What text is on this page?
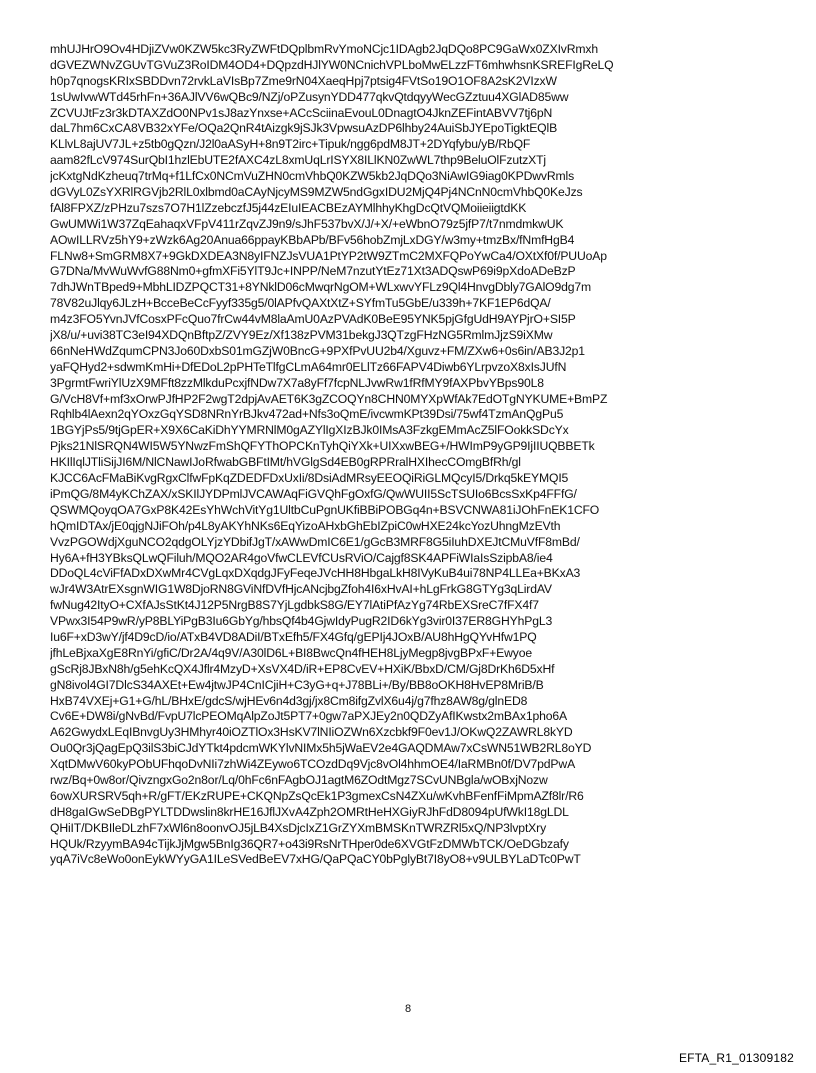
mhUJHrO9Ov4HDjiZVw0KZW5kc3RyZWFtDQplbmRvYmoNCjc1IDAgb2JqDQo8PC9GaWx0ZXIvRmxh
dGVEZWNvZGUvTGVuZ3RoIDM4OD4+DQpzdHJlYW0NCnichVPLboMwELzzFT6mhwhsnKSREFIgReLQ
h0p7qnogsKRIxSBDDvn72rvkLaVIsBp7Zme9rN04XaeqHpj7ptsig4FVtSo19O1OF8A2sK2VIzxW
1sUwIvwWTd45rhFn+36AJlVV6wQBc9/NZj/oPZusynYDD477qkvQtdqyyWecGZztuu4XGlAD85ww
ZCVUJtFz3r3kDTAXZdO0NPv1sJ8azYnxse+ACcSciinaEvouL0DnagtO4JknZEFintABVV7tj6pN
daL7hm6CxCA8VB32xYFe/OQa2QnR4tAizgk9jSJk3VpwsuAzDP6lhby24AuiSbJYEpoTigktEQlB
KLlvL8ajUV7JL+z5tb0gQzn/J2l0aASyH+8n9T2irc+Tipuk/ngg6pdM8JT+2DYqfybu/yB/RbQF
aam82fLcV974SurQbI1hzlEbUTE2fAXC4zL8xmUqLrISYX8ILlKN0ZwWL7thp9BeluOlFzutzXTj
jcKxtgNdKzheuq7trMq+f1LfCx0NCmVuZHN0cmVhbQ0KZW5kb2JqDQo3NiAwIG9iag0KPDwvRmls
dGVyL0ZsYXRlRGVjb2RlL0xlbmd0aCAyNjcyMS9MZW5ndGgxIDU2MjQ4Pj4NCnN0cmVhbQ0KeJzs
fAl8FPXZ/zPHzu7szs7O7H1lZzebczfJ5j44zEIuIEACBEzAYMlhhyKhgDcQtVQMoiieiigtdKK
GwUMWi1W37ZqEahaqxVFpV411rZqvZJ9n9/sJhF537bvX/J/+X/+eWbnO79z5jfP7/t7nmdmkwUK
AOwILLRVz5hY9+zWzk6Ag20Anua66ppayKBbAPb/BFv56hobZmjLxDGY/w3my+tmzBx/fNmfHgB4
FLNw8+SmGRM8X7+9GkDXDEA3N8yIFNZJsVUA1PtYP2tW9ZTmC2MXFQPoYwCa4/OXtXf0f/PUUoAp
G7DNa/MvWuWvfG88Nm0+gfmXFi5YlT9Jc+INPP/NeM7nzutYtEz71Xt3ADQswP69i9pXdoADeBzP
7dhJWnTBped9+MbhLIDZPQCT31+8YNklD06cMwqrNgOM+WLxwvYFLz9Ql4HnvgDbly7GAlO9dg7m
78V82uJlqy6JLzH+BcceBeCcFyyf335g5/0lAPfvQAXtXtZ+SYfmTu5GbE/u339h+7KF1EP6dQA/
m4z3FO5YvnJVfCosxPFcQuo7frCw44vM8laAmU0AzPVAdK0BeE95YNK5pjGfgUdH9AYPjrO+SI5P
jX8/u/+uvi38TC3eI94XDQnBftpZ/ZVY9Ez/Xf138zPVM31bekgJ3QTzgFHzNG5RmlmJjzS9iXMw
66nNeHWdZqumCPN3Jo60DxbS01mGZjW0BncG+9PXfPvUU2b4/Xguvz+FM/ZXw6+0s6in/AB3J2p1
yaFQHyd2+sdwmKmHi+DfEDoL2pPHTeTlfgCLmA64mr0ELlTz66FAPV4Diwb6YLrpvzoX8xIsJUfN
3PgrmtFwriYlUzX9MFft8zzMlkduPcxjfNDw7X7a8yFf7fcpNLJvwRw1fRfMY9fAXPbvYBps90L8
G/VcH8Vf+mf3xOrwPJfHP2F2wgT2dpjAvAET6K3gZCOQYn8CHN0MYXpWfAk7EdOTgNYKUME+BmPZ
Rqhlb4lAexn2qYOxzGqYSD8NRnYrBJkv472ad+Nfs3oQmE/ivcwmKPt39Dsi/75wf4TzmAnQgPu5
1BGYjPs5/9tjGpER+X9X6CaKiDhYYMRNlM0gAZYlIgXIzBJk0IMsA3FzkgEMmAcZ5lFOokkSDcYx
Pjks21NlSRQN4WI5W5YNwzFmShQFYThOPCKnTyhQiYXk+UIXxwBEG+/HWImP9yGP9IjIIUQBBETk
HKIlIqlJTliSijJI6M/NlCNawIJoRfwabGBFtIMt/hVGlgSd4EB0gRPRralHXIhecCOmgBfRh/gl
KJCC6AcFMaBiKvgRgxClfwFpKqZDEDFDxUxIi/8DsiAdMRsyEEOQiRiGLMQcyI5/Drkq5kEYMQI5
iPmQG/8M4yKChZAX/xSKIlJYDPmlJVCAWAqFiGVQhFgOxfG/QwWUII5ScTSUIo6BcsSxKp4FFfG/
QSWMQoyqOA7GxP8K42EsYhWchVitYg1UltbCuPgnUKfiBBiPOBGq4n+BSVCNWA81iJOhFnEK1CFO
hQmIDTAx/jE0qjgNJiFOh/p4L8yAKYhNKs6EqYizoAHxbGhEbIZpiC0wHXE24kcYozUhngMzEVth
VvzPGOWdjXguNCO2qdgOLYjzYDbifJgT/xAWwDmIC6E1/gGcB3MRF8G5iIuhDXEJtCMuVfF8mBd/
Hy6A+fH3YBksQLwQFiluh/MQO2AR4goVfwCLEVfCUsRViO/Cajgf8SK4APFiWIaIsSzipbA8/ie4
DDoQL4cViFfADxDXwMr4CVgLqxDXqdgJFyFeqeJVcHH8HbgaLkH8IVyKuB4ui78NP4LLEa+BKxA3
wJr4W3AtrEXsgnWIG1W8DjoRN8GViNfDVfHjcANcjbgZfoh4I6xHvAI+hLgFrkG8GTYg3qLirdAV
fwNug42ItyO+CXfAJsStKt4J12P5NrgB8S7YjLgdbkS8G/EY7lAtiPfAzYg74RbEXSreC7fFX4f7
VPwx3I54P9wR/yP8BLYiPgB3Iu6GbYg/hbsQf4b4GjwIdyPugR2ID6kYg3vir0I37ER8GHYhPgL3
Iu6F+xD3wY/jf4D9cD/io/ATxB4VD8ADiI/BTxEfh5/FX4Gfq/gEPIj4JOxB/AU8hHgQYvHfw1PQ
jfhLeBjxaXgE8RnYi/gfiC/Dr2A/4q9V/A30lD6L+BI8BwcQn4fHEH8LjyMegp8jvgBPxF+Ewyoe
gScRj8JBxN8h/g5ehKcQX4Jflr4MzyD+XsVX4D/iR+EP8CvEV+HXiK/BbxD/CM/Gj8DrKh6D5xHf
gN8ivol4GI7DlcS34AXEt+Ew4jtwJP4CnICjiH+C3yG+q+J78BLi+/By/BB8oOKH8HvEP8MriB/B
HxB74VXEj+G1+G/hL/BHxE/gdcS/wjHEv6n4d3gj/jx8Cm8ifgZvlX6u4j/g7fhz8AW8g/glnED8
Cv6E+DW8i/gNvBd/FvpU7lcPEOMqAlpZoJt5PT7+0gw7aPXJEy2n0QDZyAfIKwstx2mBAx1pho6A
A62GwydxLEqIBnvgUy3HMhyr40iOZTlOx3HsKV7lNIiOZWn6Xzcbkf9F0ev1J/OKwQ2ZAWRL8kYD
Ou0Qr3jQagEpQ3ilS3biCJdYTkt4pdcmWKYlvNIMx5h5jWaEV2e4GAQDMAw7xCsWN51WB2RL8oYD
XqtDMwV60kyPObUFhqoDvNIi7zhWi4ZEywo6TCOzdDq9Vjc8vOl4hhmOE4/IaRMBn0f/DV7pdPwA
rwz/Bq+0w8or/QivzngxGo2n8or/Lq/0hFc6nFAgbOJ1agtM6ZOdtMgz7SCvUNBgla/wOBxjNozw
6owXURSRV5qh+R/gFT/EKzRUPE+CKQNpZsQcEk1P3gmexCsN4ZXu/wKvhBFenfFiMpmAZf8lr/R6
dH8gaIGwSeDBgPYLTDDwslin8krHE16JflJXvA4Zph2OMRtHeHXGiyRJhFdD8094pUfWkI18gLDL
QHiIT/DKBIleDLzhF7xWl6n8oonvOJ5jLB4XsDjcIxZ1GrZYXmBMSKnTWRZRl5xQ/NP3lvptXry
HQUk/RzyymBA94cTijkJjMgw5BnIg36QR7+o43i9RsNrTHper0de6XVGtFzDMWbTCK/OeDGbzafy
yqA7iVc8eWo0onEykWYyGA1ILeSVedBeEV7xHG/QaPQaCY0bPglyBt7I8yO8+v9ULBYLaDTc0PwT
8
EFTA_R1_01309182
